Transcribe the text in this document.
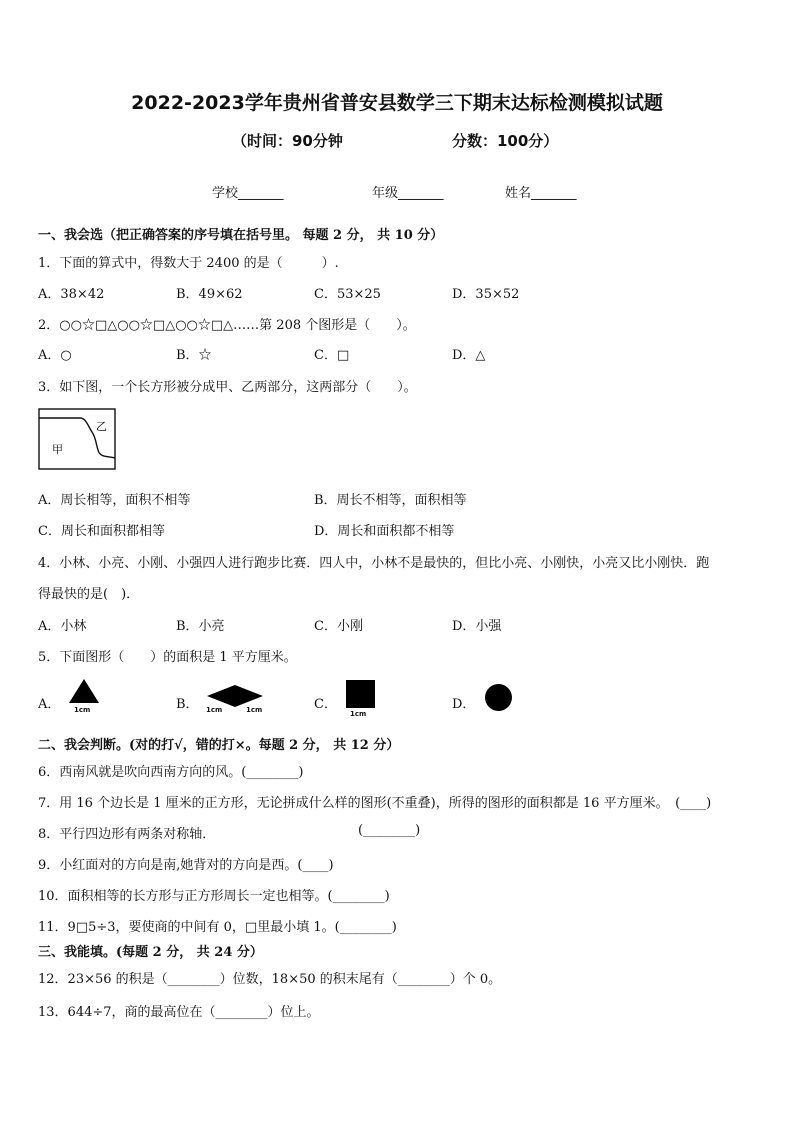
2022-2023学年贵州省普安县数学三下期末达标检测模拟试题
（时间：90分钟	分数：100分）
学校_______	年级_______	姓名_______
一、我会选（把正确答案的序号填在括号里。 每题 2 分， 共 10 分）
1．下面的算式中，得数大于 2400 的是（　　　）.
A．38×42	B．49×62	C．53×25	D．35×52
2．○○☆□△○○☆□△○○☆□△……第 208 个图形是（　　）。
A．○	B．☆	C．□	D．△
3．如下图，一个长方形被分成甲、乙两部分，这两部分（　　）。
甲
乙
A．周长相等，面积不相等	B．周长不相等，面积相等
C．周长和面积都相等	D．周长和面积都不相等
4．小林、小亮、小刚、小强四人进行跑步比赛．四人中，小林不是最快的，但比小亮、小刚快，小亮又比小刚快．跑
得最快的是(　)．
A．小林	B．小亮	C．小刚	D．小强
5．下面图形（　　）的面积是 1 平方厘米。
A． 1cm	B． 1cm	1cm	C．
1cm
D．
二、我会判断。(对的打√，错的打×。每题 2 分， 共 12 分）
6．西南风就是吹向西南方向的风。(________)
7．用 16 个边长是 1 厘米的正方形，无论拼成什么样的图形(不重叠)，所得的图形的面积都是 16 平方厘米。　(____)
8．平行四边形有两条对称轴．	(________)
9．小红面对的方向是南,她背对的方向是西。(____)
10．面积相等的长方形与正方形周长一定也相等。(________)
11．9□5÷3，要使商的中间有 0，□里最小填 1。(________)
三、我能填。(每题 2 分， 共 24 分）
12．23×56 的积是（________）位数，18×50 的积末尾有（________）个 0。
13．644÷7，商的最高位在（________）位上。
